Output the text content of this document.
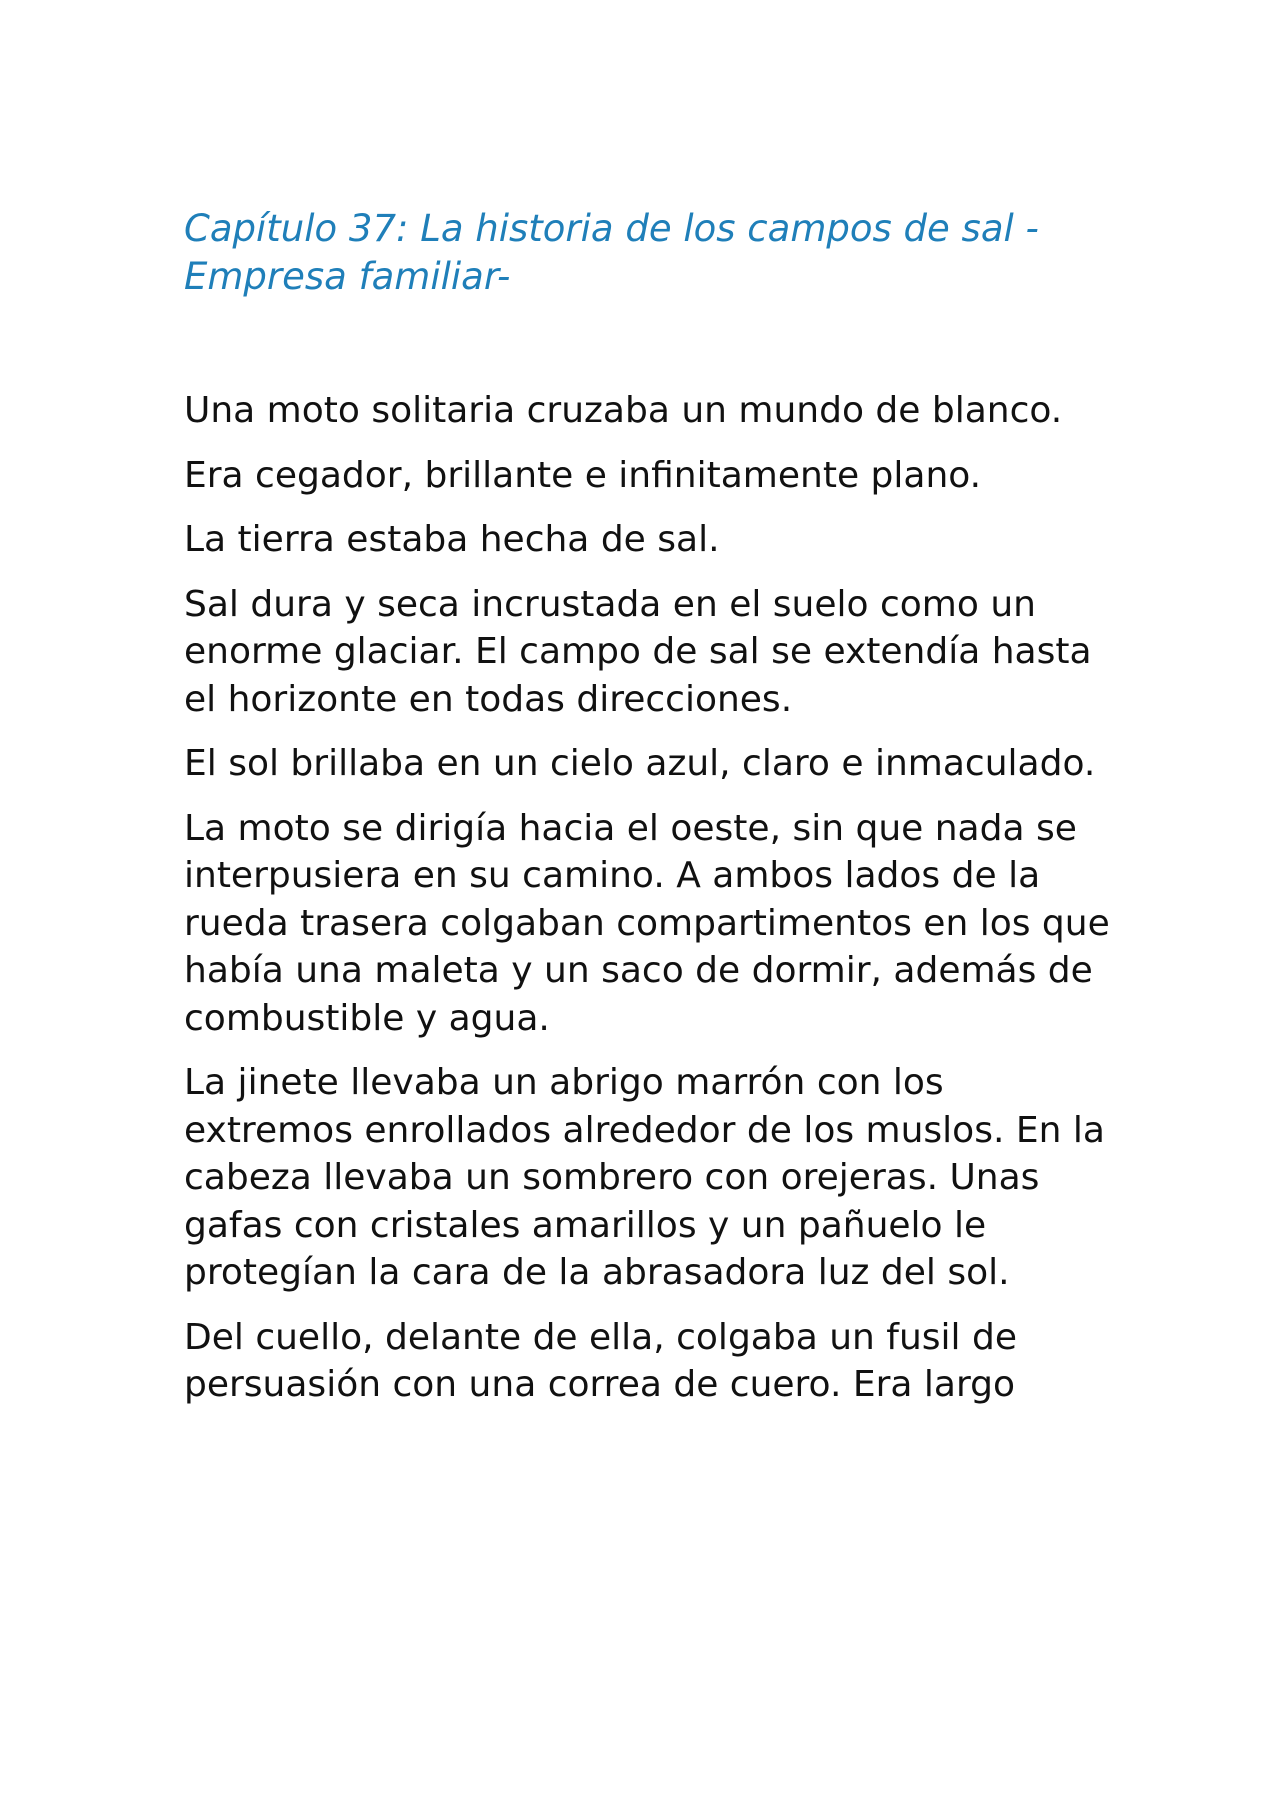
Capítulo 37: La historia de los campos de sal -Empresa familiar-

Una moto solitaria cruzaba un mundo de blanco.

Era cegador, brillante e infinitamente plano.

La tierra estaba hecha de sal.

Sal dura y seca incrustada en el suelo como un enorme glaciar. El campo de sal se extendía hasta el horizonte en todas direcciones.

El sol brillaba en un cielo azul, claro e inmaculado.

La moto se dirigía hacia el oeste, sin que nada se interpusiera en su camino. A ambos lados de la rueda trasera colgaban compartimentos en los que había una maleta y un saco de dormir, además de combustible y agua.

La jinete llevaba un abrigo marrón con los extremos enrollados alrededor de los muslos. En la cabeza llevaba un sombrero con orejeras. Unas gafas con cristales amarillos y un pañuelo le protegían la cara de la abrasadora luz del sol.

Del cuello, delante de ella, colgaba un fusil de persuasión con una correa de cuero. Era largo
